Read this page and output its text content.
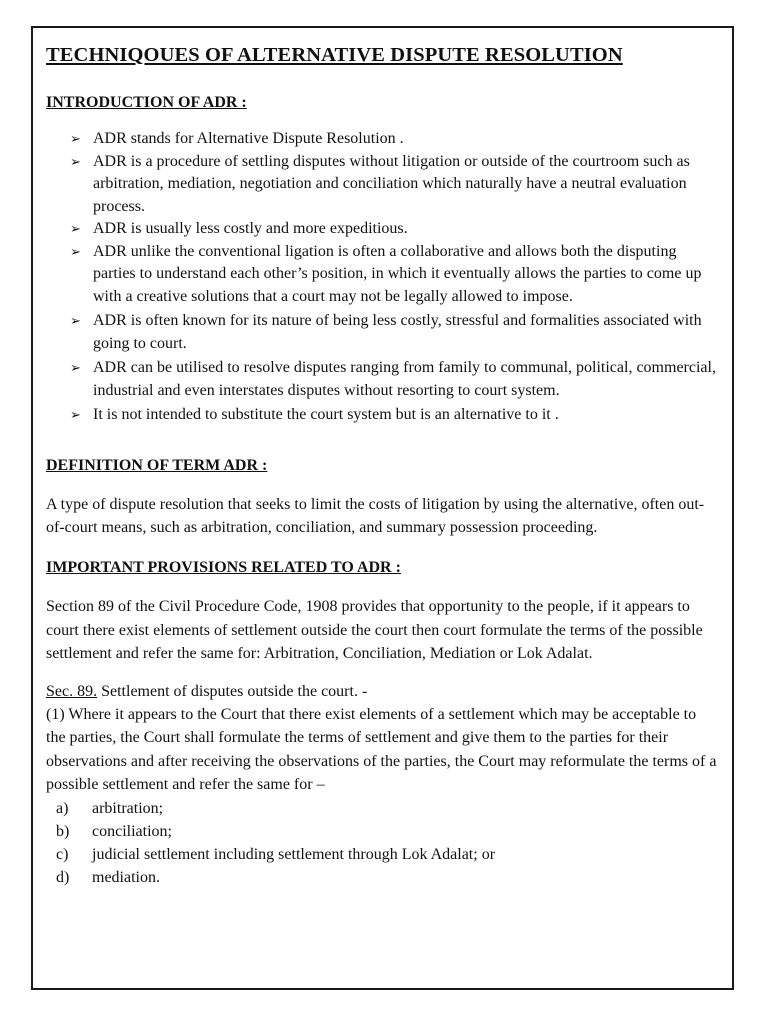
TECHNIQOUES OF ALTERNATIVE DISPUTE RESOLUTION
INTRODUCTION OF ADR :
➢ ADR stands for Alternative Dispute Resolution .
➢ ADR is a procedure of settling disputes without litigation or outside of the courtroom such as arbitration, mediation, negotiation and conciliation which naturally have a neutral evaluation process.
➢ ADR is usually less costly and more expeditious.
➢ ADR unlike the conventional ligation is often a collaborative and allows both the disputing parties to understand each other’s position, in which it eventually allows the parties to come up with a creative solutions that a court may not be legally allowed to impose.
➢ ADR is often known for its nature of being less costly, stressful and formalities associated with going to court.
➢ ADR can be utilised to resolve disputes ranging from family to communal, political, commercial, industrial and even interstates disputes without resorting to court system.
➢ It is not intended to substitute the court system but is an alternative to it .
DEFINITION OF TERM ADR :

A type of dispute resolution that seeks to limit the costs of litigation by using the alternative, often out-of-court means, such as arbitration, conciliation, and summary possession proceeding.

IMPORTANT PROVISIONS RELATED TO ADR :

Section 89 of the Civil Procedure Code, 1908 provides that opportunity to the people, if it appears to court there exist elements of settlement outside the court then court formulate the terms of the possible settlement and refer the same for: Arbitration, Conciliation, Mediation or Lok Adalat.

Sec. 89. Settlement of disputes outside the court. -

(1) Where it appears to the Court that there exist elements of a settlement which may be acceptable to the parties, the Court shall formulate the terms of settlement and give them to the parties for their observations and after receiving the observations of the parties, the Court may reformulate the terms of a possible settlement and refer the same for –

a) arbitration;
b) conciliation;
c) judicial settlement including settlement through Lok Adalat; or
d) mediation.
